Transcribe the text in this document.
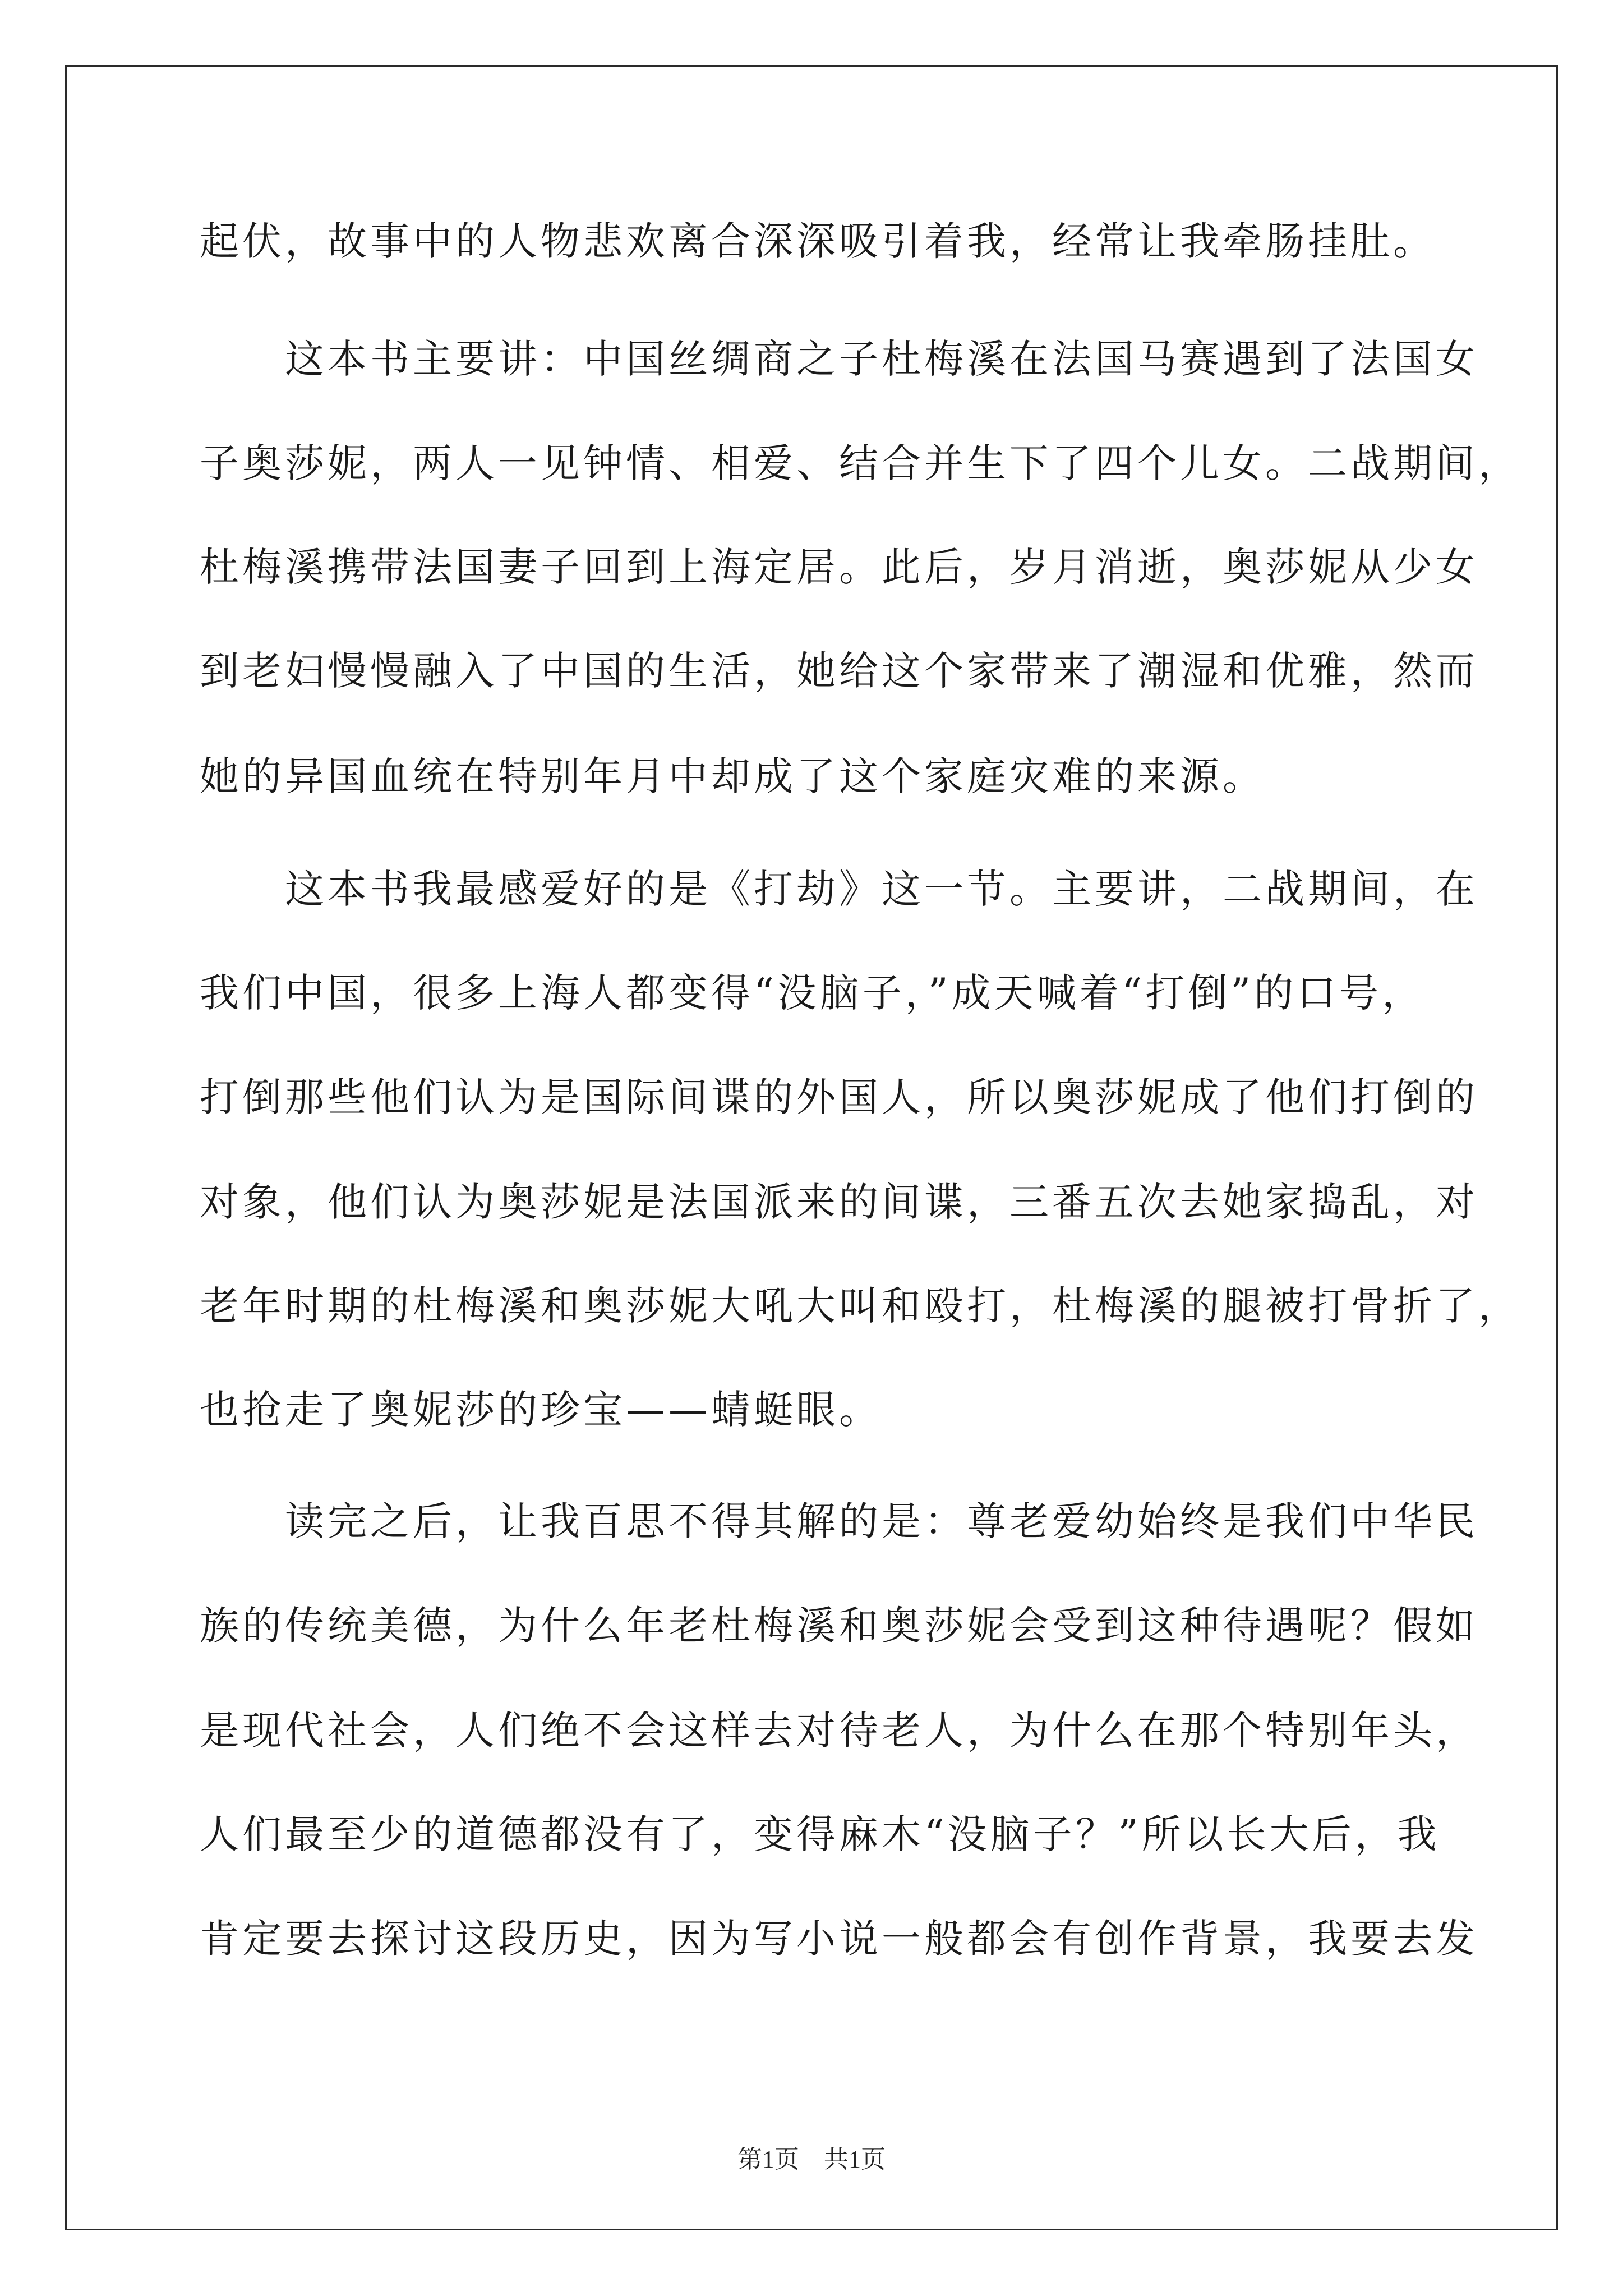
起伏，故事中的人物悲欢离合深深吸引着我，经常让我牵肠挂肚。
　　这本书主要讲：中国丝绸商之子杜梅溪在法国马赛遇到了法国女
子奥莎妮，两人一见钟情、相爱、结合并生下了四个儿女。二战期间，
杜梅溪携带法国妻子回到上海定居。此后，岁月消逝，奥莎妮从少女
到老妇慢慢融入了中国的生活，她给这个家带来了潮湿和优雅，然而
她的异国血统在特别年月中却成了这个家庭灾难的来源。
　　这本书我最感爱好的是《打劫》这一节。主要讲，二战期间，在
我们中国，很多上海人都变得“没脑子，”成天喊着“打倒”的口号，
打倒那些他们认为是国际间谍的外国人，所以奥莎妮成了他们打倒的
对象，他们认为奥莎妮是法国派来的间谍，三番五次去她家捣乱，对
老年时期的杜梅溪和奥莎妮大吼大叫和殴打，杜梅溪的腿被打骨折了，
也抢走了奥妮莎的珍宝——蜻蜓眼。
　　读完之后，让我百思不得其解的是：尊老爱幼始终是我们中华民
族的传统美德，为什么年老杜梅溪和奥莎妮会受到这种待遇呢？假如
是现代社会，人们绝不会这样去对待老人，为什么在那个特别年头，
人们最至少的道德都没有了，变得麻木“没脑子？”所以长大后，我
肯定要去探讨这段历史，因为写小说一般都会有创作背景，我要去发
第1页 共1页
